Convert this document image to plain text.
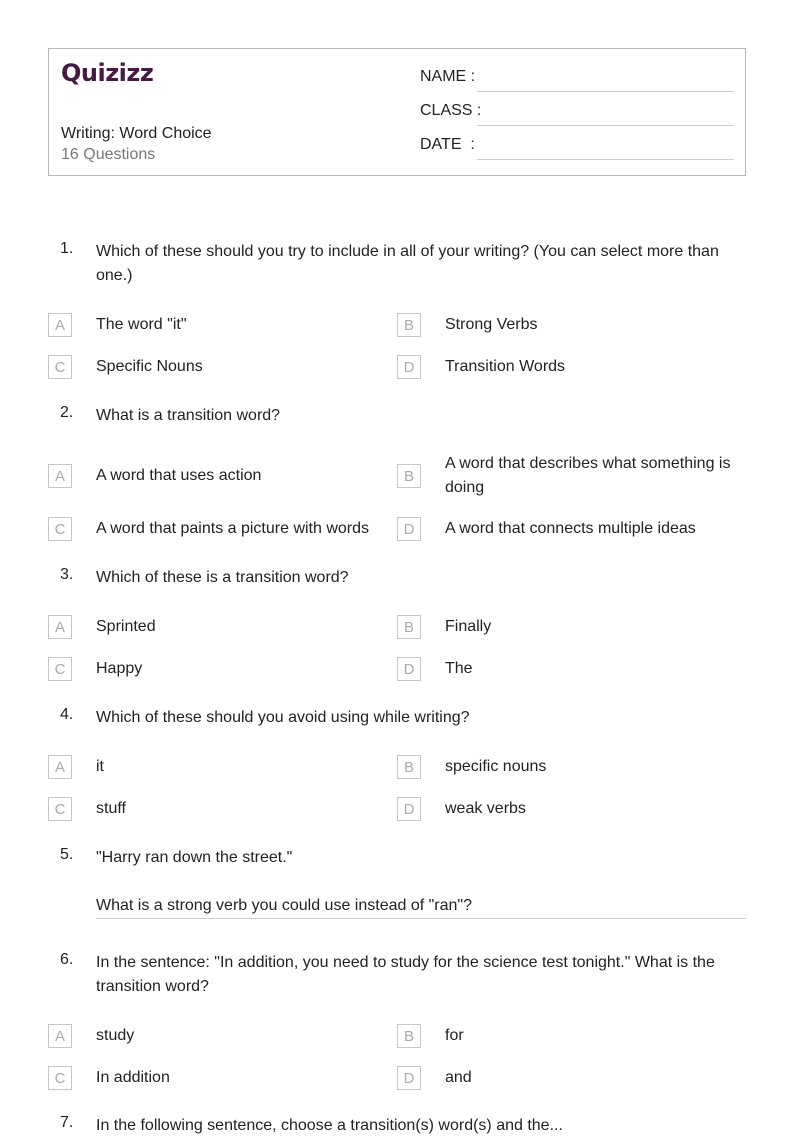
Quizizz
Writing: Word Choice
16 Questions
NAME :
CLASS :
DATE  :
1. Which of these should you try to include in all of your writing? (You can select more than one.)
A	The word "it"	B	Strong Verbs
C	Specific Nouns	D	Transition Words
2. What is a transition word?
A	A word that uses action	B
A word that describes what something is doing
C	A word that paints a picture with words	D	A word that connects multiple ideas
3. Which of these is a transition word?
A	Sprinted	B	Finally
C	Happy	D	The
4. Which of these should you avoid using while writing?
A	it	B	specific nouns
C	stuff	D	weak verbs
5. "Harry ran down the street."
What is a strong verb you could use instead of "ran"?
6. In the sentence: "In addition, you need to study for the science test tonight." What is the transition word?
A	study	B	for
C	In addition	D	and
7. In the following sentence, choose a transition(s) word(s) and the...
